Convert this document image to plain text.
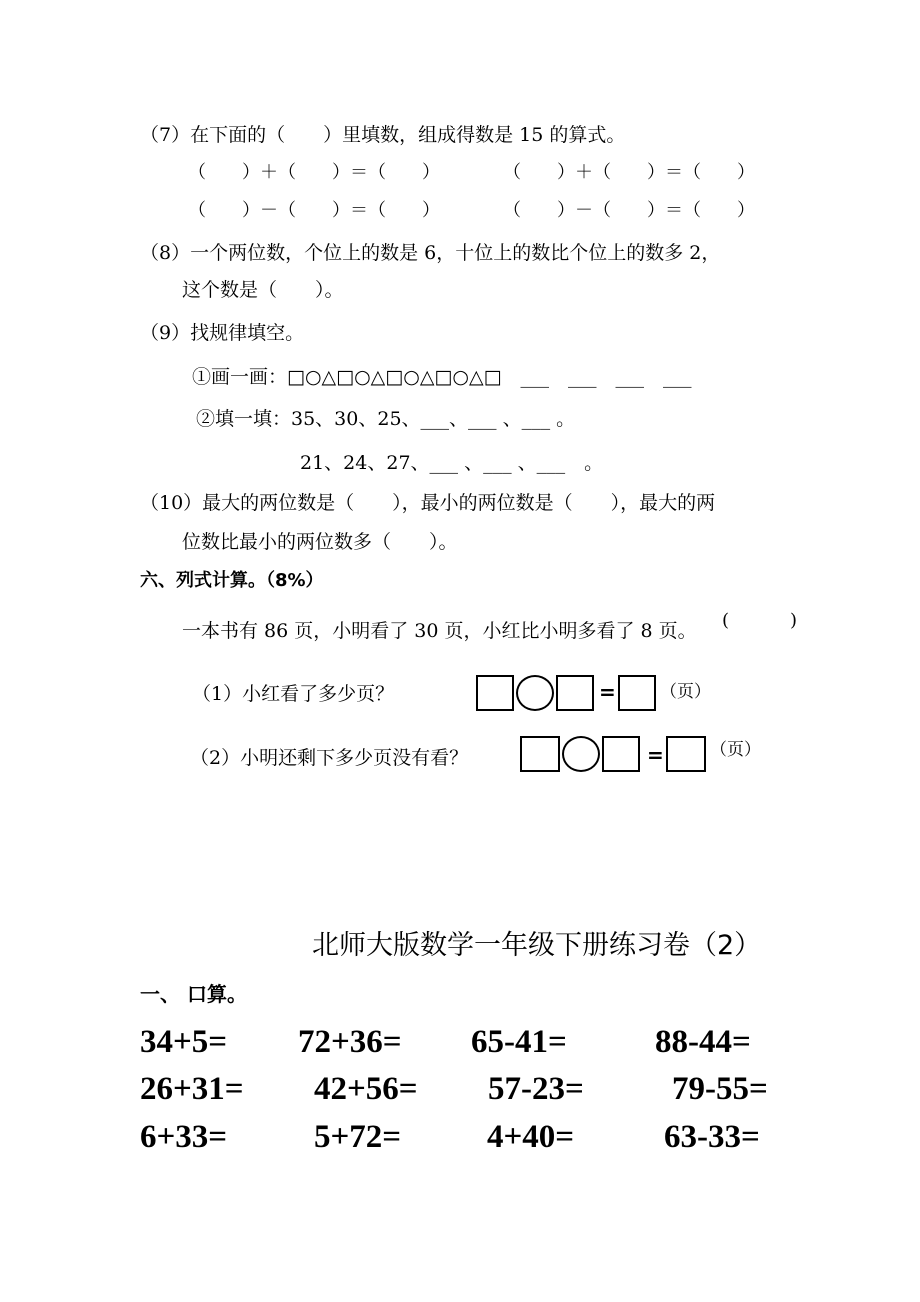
（7）在下面的（　　）里填数，组成得数是 15 的算式。
（　　）＋（　　）＝（　　）	（　　）＋（　　）＝（　　）
（　　）－（　　）＝（　　）	（　　）－（　　）＝（　　）
（8）一个两位数，个位上的数是 6，十位上的数比个位上的数多 2，
这个数是（　　）。
（9）找规律填空。
①画一画：□○△□○△□○△□○△□　___　___　___　___
②填一填：35、30、25、___、___ 、___ 。
21、24、27、___ 、___ 、___　。
（10）最大的两位数是（　　），最小的两位数是（　　），最大的两
位数比最小的两位数多（　　）。
六、列式计算。（8%）
一本书有 86 页，小明看了 30 页，小红比小明多看了 8 页。 (	)
（1）小红看了多少页？	=	（页）
（2）小明还剩下多少页没有看？	=	（页）
北师大版数学一年级下册练习卷（2）
一、 口算。
34+5= 72+36= 65-41=	88-44=
26+31= 42+56= 57-23=	79-55=
6+33=	5+72=	4+40=	63-33=
